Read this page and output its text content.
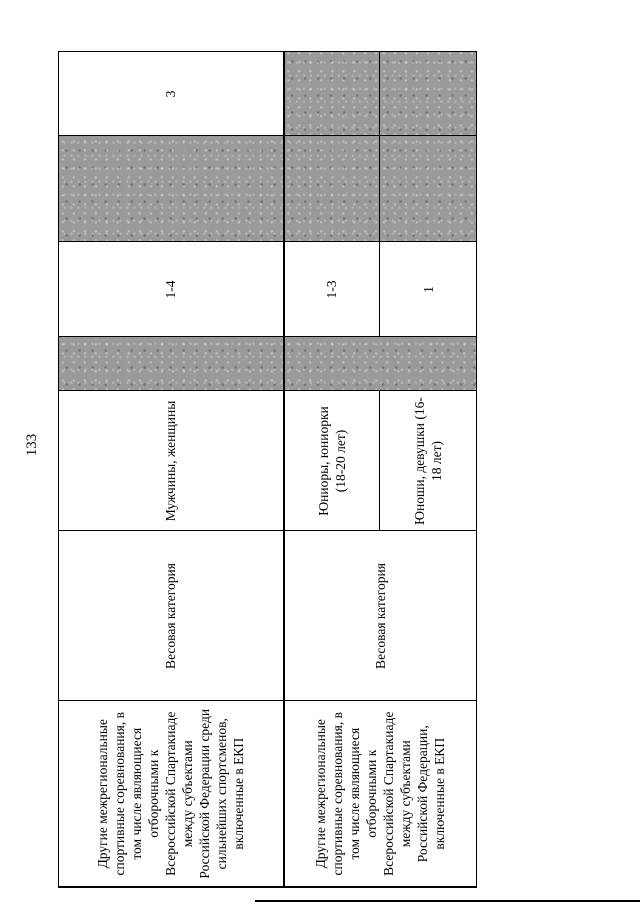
133
Другие межрегиональные спортивные соревнования, в том числе являющиеся отборочными к Всероссийской Спартакиаде между субъектами Российской Федерации среди сильнейших спортсменов, включенные в ЕКП	Весовая категория	Мужчины, женщины		1-4		3
Другие межрегиональные спортивные соревнования, в том числе являющиеся отборочными к Всероссийской Спартакиаде между субъектами Российской Федерации, включенные в ЕКП	Весовая категория	Юниоры, юниорки (18-20 лет)		1-3		
		Юноши, девушки (16-18 лет)		1		
